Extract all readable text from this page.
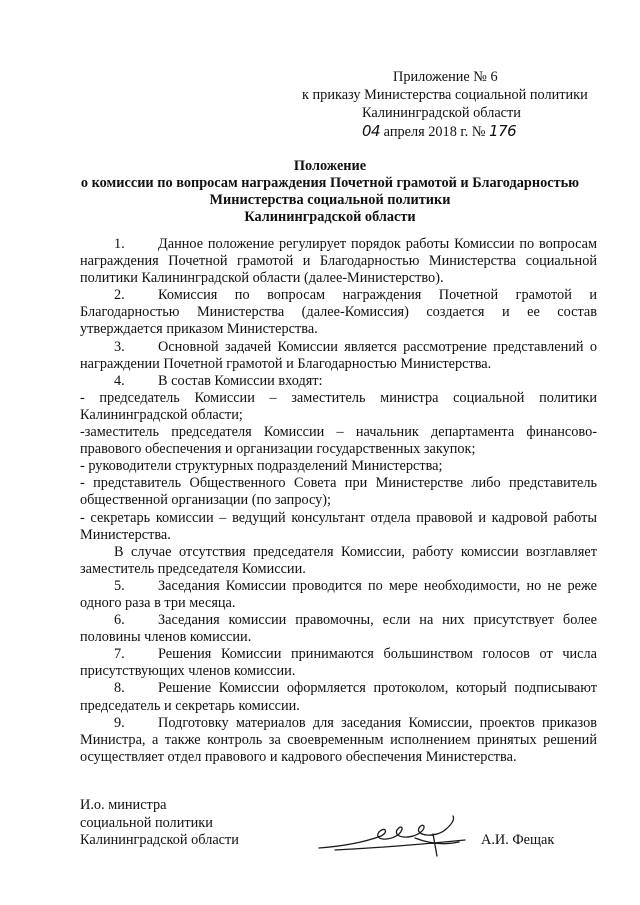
Приложение № 6
к приказу Министерства социальной политики
Калининградской области
04 апреля 2018 г. № 176
Положение
о комиссии по вопросам награждения Почетной грамотой и Благодарностью
Министерства социальной политики
Калининградской области

1. Данное положение регулирует порядок работы Комиссии по вопросам награждения Почетной грамотой и Благодарностью Министерства социальной политики Калининградской области (далее-Министерство).

2. Комиссия по вопросам награждения Почетной грамотой и Благодарностью Министерства (далее-Комиссия) создается и ее состав утверждается приказом Министерства.

3. Основной задачей Комиссии является рассмотрение представлений о награждении Почетной грамотой и Благодарностью Министерства.

4. В состав Комиссии входят:

- председатель Комиссии – заместитель министра социальной политики Калининградской области;

-заместитель председателя Комиссии – начальник департамента финансово-правового обеспечения и организации государственных закупок;

- руководители структурных подразделений Министерства;

- представитель Общественного Совета при Министерстве либо представитель общественной организации (по запросу);

- секретарь комиссии – ведущий консультант отдела правовой и кадровой работы Министерства.

В случае отсутствия председателя Комиссии, работу комиссии возглавляет заместитель председателя Комиссии.

5. Заседания Комиссии проводится по мере необходимости, но не реже одного раза в три месяца.

6. Заседания комиссии правомочны, если на них присутствует более половины членов комиссии.

7. Решения Комиссии принимаются большинством голосов от числа присутствующих членов комиссии.

8. Решение Комиссии оформляется протоколом, который подписывают председатель и секретарь комиссии.

9. Подготовку материалов для заседания Комиссии, проектов приказов Министра, а также контроль за своевременным исполнением принятых решений осуществляет отдел правового и кадрового обеспечения Министерства.

И.о. министра
социальной политики
Калининградской области	А.И. Фещак
